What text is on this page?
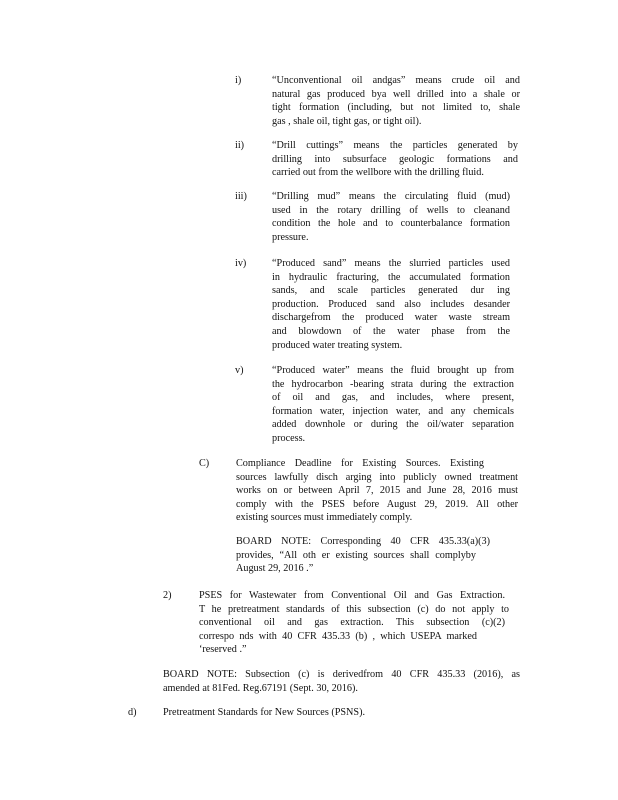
i)	“Unconventional oil andgas” means crude oil and
natural gas produced bya well drilled into a shale or
tight formation (including, but not limited to, shale
gas , shale oil, tight gas, or tight oil).
ii)	“Drill cuttings” means the particles generated by
drilling into subsurface geologic formations and
carried out from the wellbore with the drilling fluid.
iii) “Drilling mud” means the circulating fluid (mud)
used in the rotary drilling of wells to cleanand
condition the hole and to counterbalance formation
pressure.
iv)	“Produced sand” means the slurried particles used
in hydraulic fracturing, the accumulated formation
sands, and scale particles generated dur ing
production. Produced sand also includes desander
dischargefrom the produced water waste stream
and blowdown of the water phase from the
produced water treating system.
v)	“Produced water” means the fluid brought up from
the hydrocarbon -bearing strata during the extraction
of oil and gas, and includes, where present,
formation water, injection water, and any chemicals
added downhole or during the oil/water separation
process.
C)	Compliance Deadline for Existing Sources. Existing
sources lawfully disch arging into publicly owned treatment
works on or between April 7, 2015 and June 28, 2016 must
comply with the PSES before August 29, 2019. All other
existing sources must immediately comply.
BOARD NOTE: Corresponding 40 CFR 435.33(a)(3)
provides, “All oth er existing sources shall complyby
August 29, 2016 .”
2)	PSES for Wastewater from Conventional Oil and Gas Extraction.
T he pretreatment standards of this subsection (c) do not apply to
conventional oil and gas extraction. This subsection (c)(2)
correspo nds with 40 CFR 435.33 (b) , which USEPA marked
‘reserved .”
BOARD NOTE: Subsection (c) is derivedfrom 40 CFR 435.33 (2016), as
amended at 81Fed. Reg.67191 (Sept. 30, 2016).
d)	Pretreatment Standards for New Sources (PSNS).
